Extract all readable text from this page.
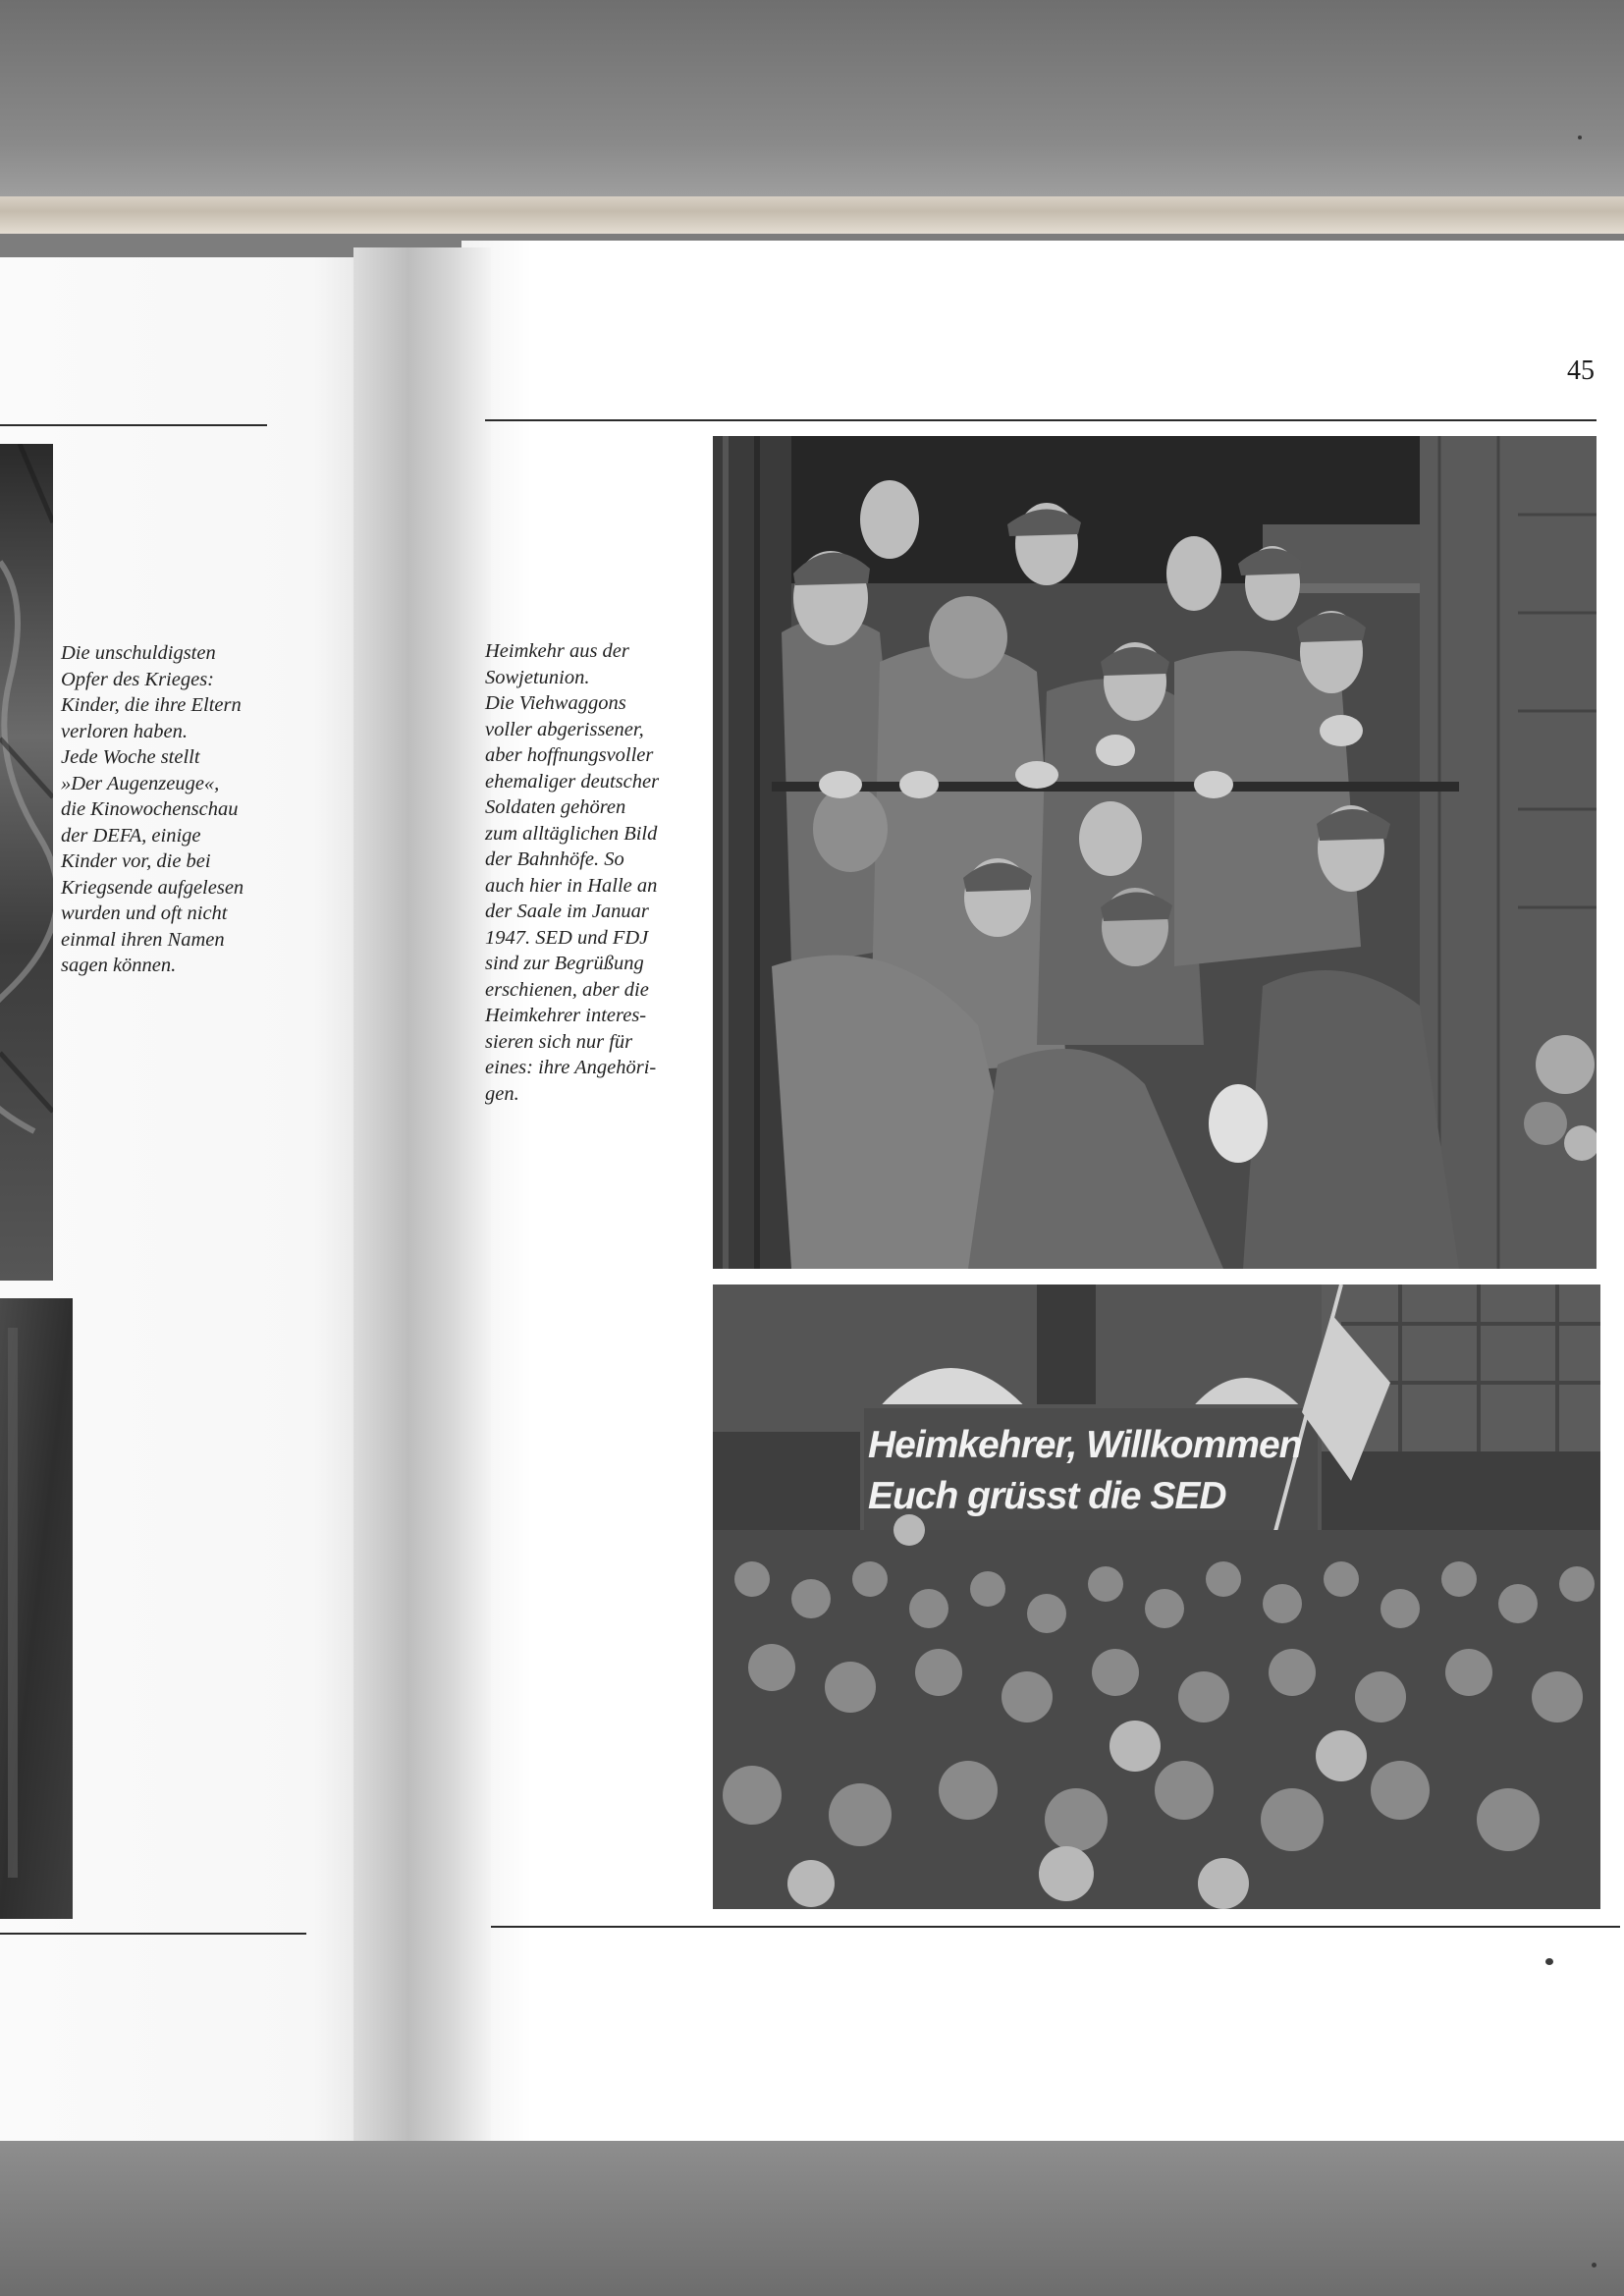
Die unschuldigsten
Opfer des Krieges:
Kinder, die ihre Eltern
verloren haben.
Jede Woche stellt
»Der Augenzeuge«,
die Kinowochenschau
der DEFA, einige
Kinder vor, die bei
Kriegsende aufgelesen
wurden und oft nicht
einmal ihren Namen
sagen können.
45
Heimkehr aus der
Sowjetunion.
Die Viehwaggons
voller abgerissener,
aber hoffnungsvoller
ehemaliger deutscher
Soldaten gehören
zum alltäglichen Bild
der Bahnhöfe. So
auch hier in Halle an
der Saale im Januar
1947. SED und FDJ
sind zur Begrüßung
erschienen, aber die
Heimkehrer interes-
sieren sich nur für
eines: ihre Angehöri-
gen.
Heimkehrer, Willkommen
Euch grüsst die SED
